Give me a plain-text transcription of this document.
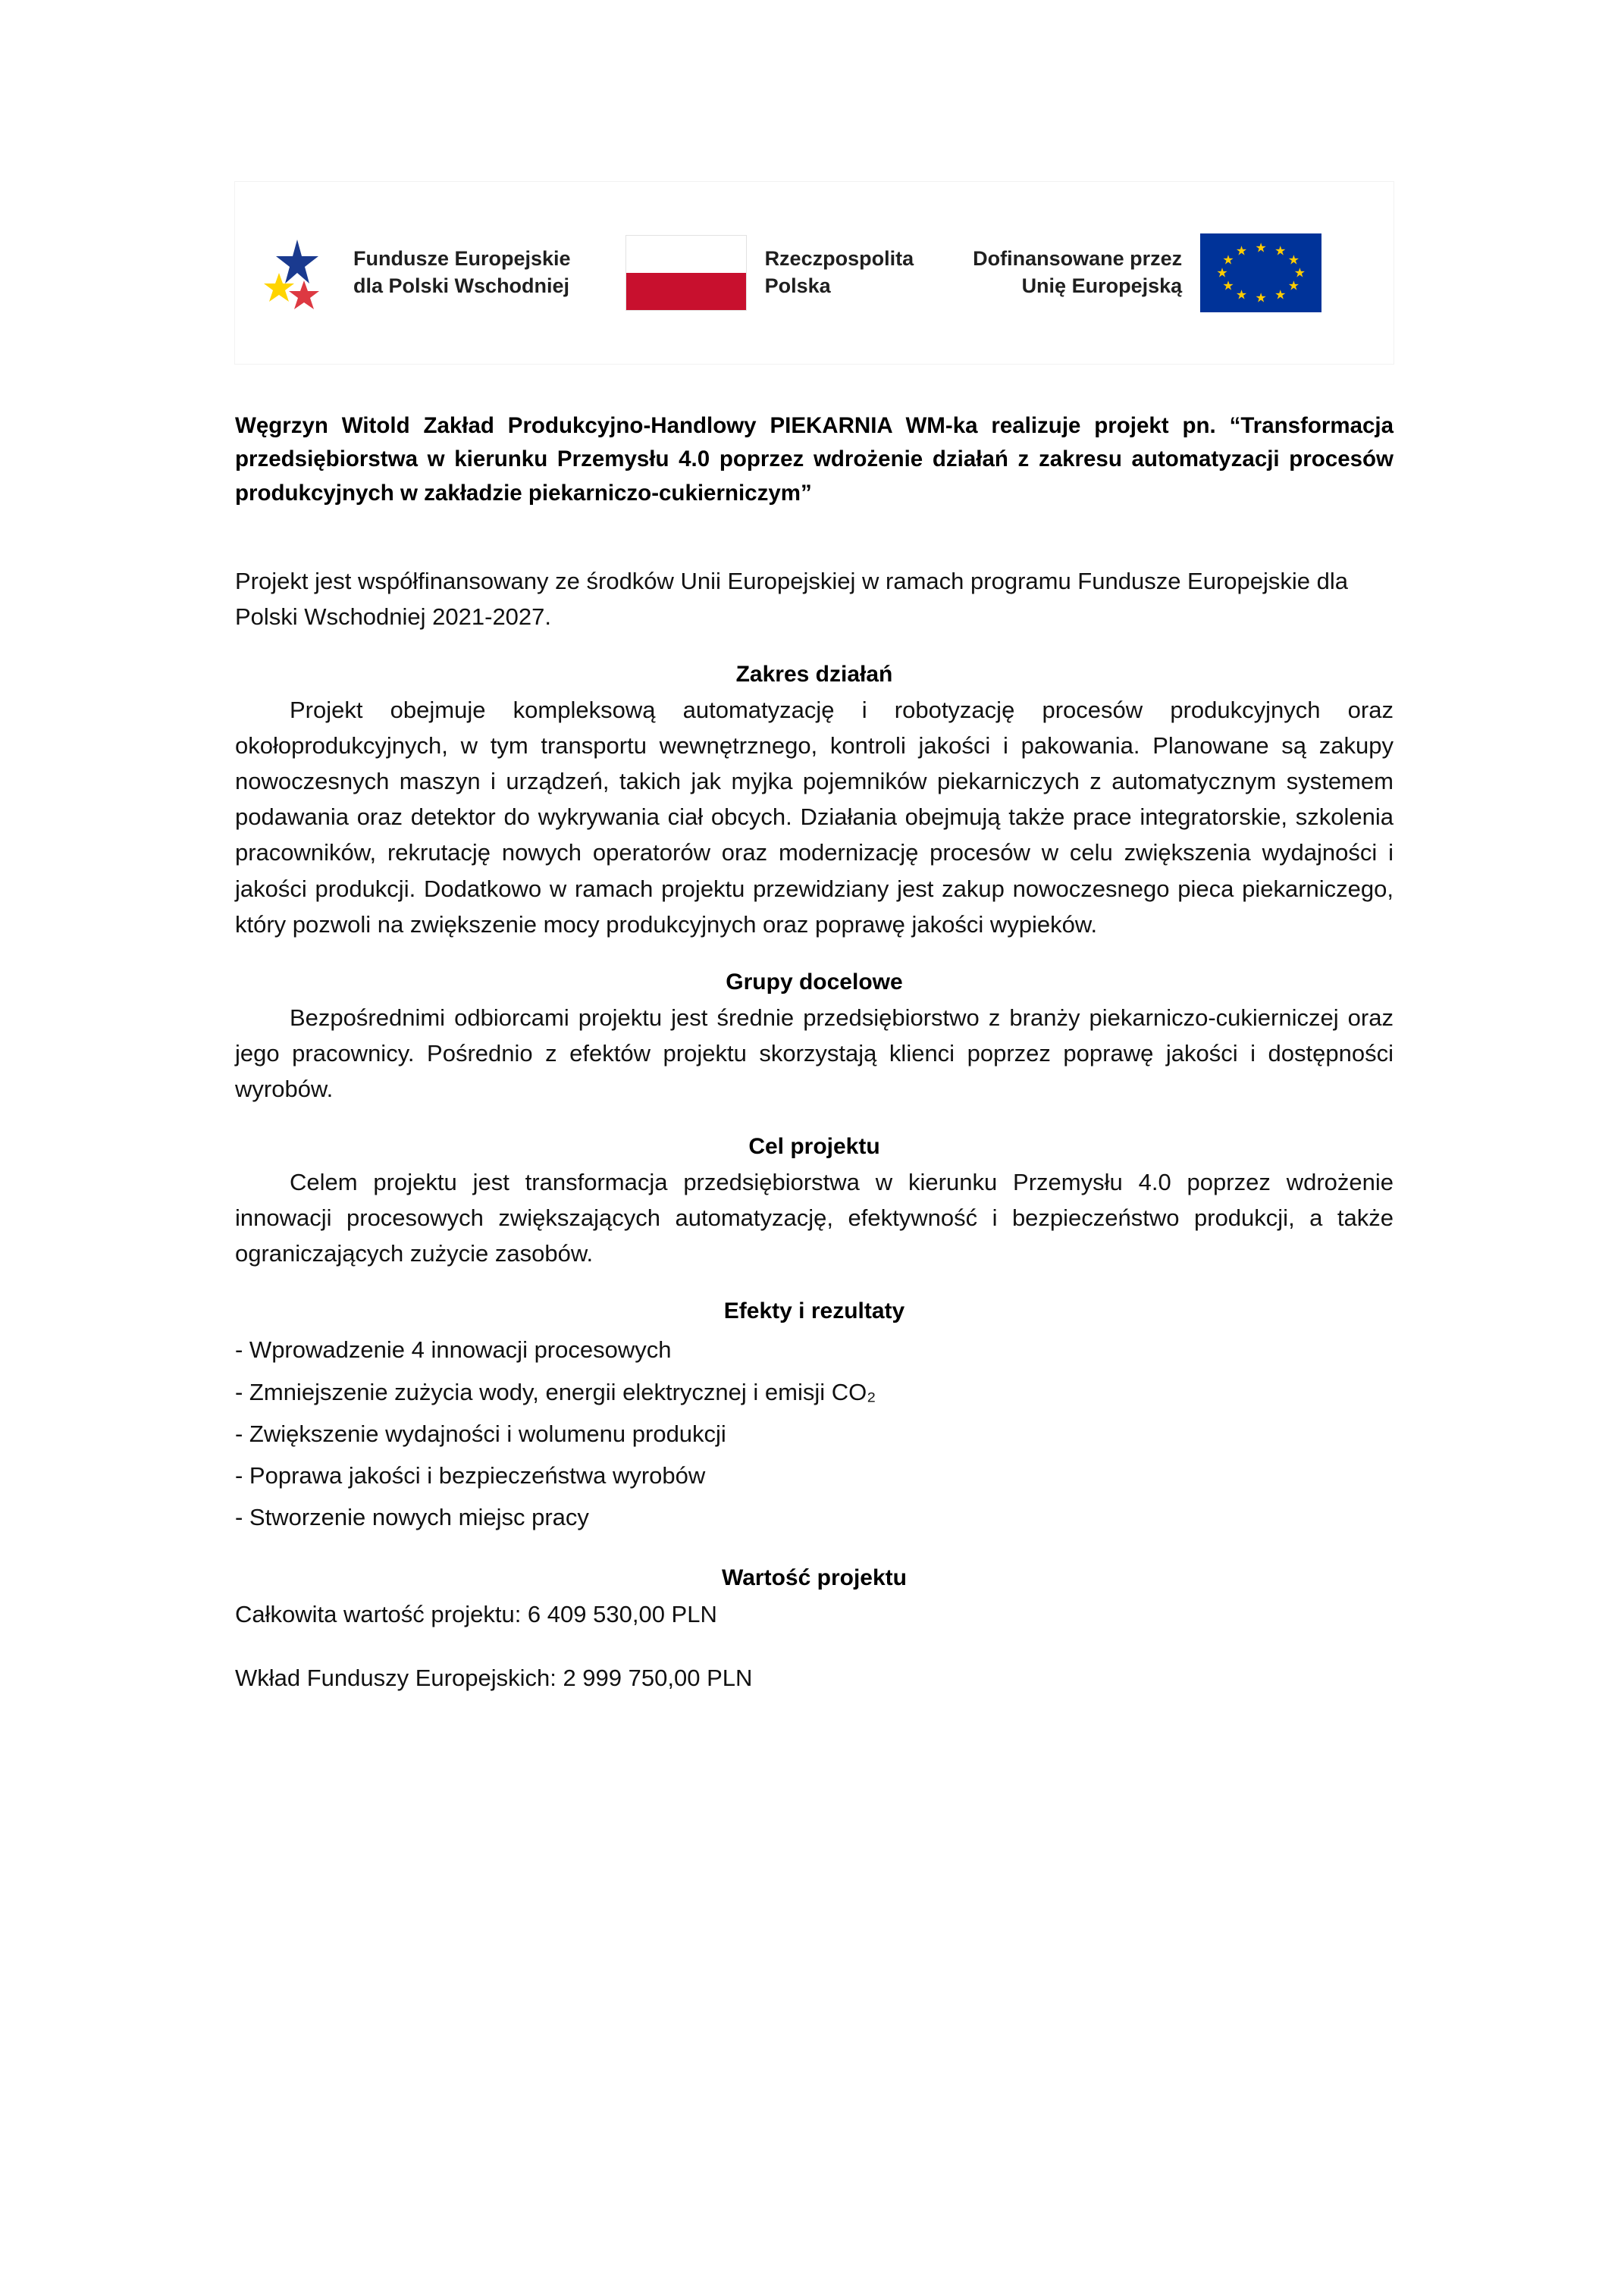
Fundusze Europejskie
dla Polski Wschodniej
Rzeczpospolita
Polska
Dofinansowane przez
Unię Europejską
★ ★
★
★
★
★
★
★
★
★
★
★

Węgrzyn Witold Zakład Produkcyjno-Handlowy PIEKARNIA WM-ka realizuje projekt pn. “Transformacja przedsiębiorstwa w kierunku Przemysłu 4.0 poprzez wdrożenie działań z zakresu automatyzacji procesów produkcyjnych w zakładzie piekarniczo-cukierniczym”

Projekt jest współfinansowany ze środków Unii Europejskiej w ramach programu Fundusze Europejskie dla Polski Wschodniej 2021-2027.

Zakres działań

Projekt obejmuje kompleksową automatyzację i robotyzację procesów produkcyjnych oraz okołoprodukcyjnych, w tym transportu wewnętrznego, kontroli jakości i pakowania. Planowane są zakupy nowoczesnych maszyn i urządzeń, takich jak myjka pojemników piekarniczych z automatycznym systemem podawania oraz detektor do wykrywania ciał obcych. Działania obejmują także prace integratorskie, szkolenia pracowników, rekrutację nowych operatorów oraz modernizację procesów w celu zwiększenia wydajności i jakości produkcji. Dodatkowo w ramach projektu przewidziany jest zakup nowoczesnego pieca piekarniczego, który pozwoli na zwiększenie mocy produkcyjnych oraz poprawę jakości wypieków.

Grupy docelowe

Bezpośrednimi odbiorcami projektu jest średnie przedsiębiorstwo z branży piekarniczo-cukierniczej oraz jego pracownicy. Pośrednio z efektów projektu skorzystają klienci poprzez poprawę jakości i dostępności wyrobów.

Cel projektu

Celem projektu jest transformacja przedsiębiorstwa w kierunku Przemysłu 4.0 poprzez wdrożenie innowacji procesowych zwiększających automatyzację, efektywność i bezpieczeństwo produkcji, a także ograniczających zużycie zasobów.

Efekty i rezultaty
- Wprowadzenie 4 innowacji procesowych
- Zmniejszenie zużycia wody, energii elektrycznej i emisji CO₂
- Zwiększenie wydajności i wolumenu produkcji
- Poprawa jakości i bezpieczeństwa wyrobów
- Stworzenie nowych miejsc pracy
Wartość projektu

Całkowita wartość projektu: 6 409 530,00 PLN

Wkład Funduszy Europejskich: 2 999 750,00 PLN
